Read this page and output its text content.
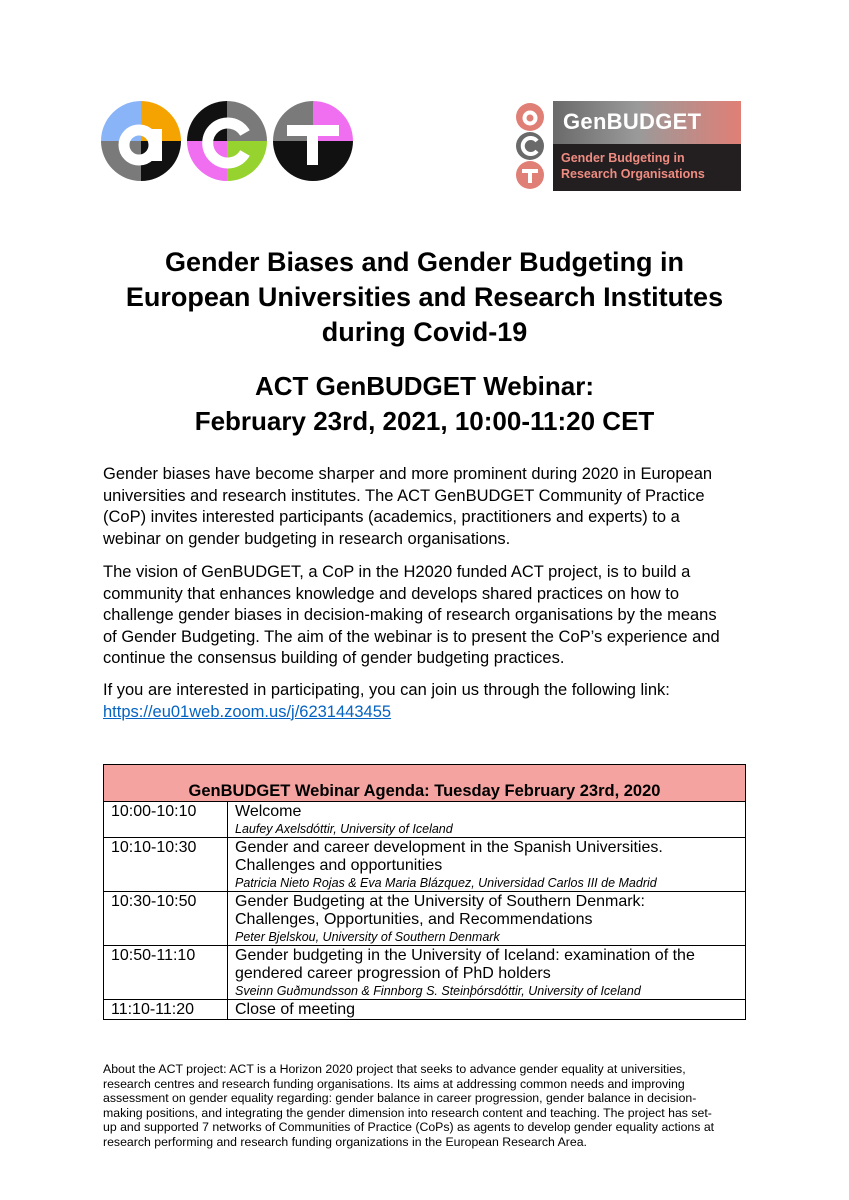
GenBUDGET
Gender Budgeting in
Research Organisations
Gender Biases and Gender Budgeting in
European Universities and Research Institutes
during Covid-19
ACT GenBUDGET Webinar:
February 23rd, 2021, 10:00-11:20 CET

Gender biases have become sharper and more prominent during 2020 in European
universities and research institutes. The ACT GenBUDGET Community of Practice
(CoP) invites interested participants (academics, practitioners and experts) to a
webinar on gender budgeting in research organisations.

The vision of GenBUDGET, a CoP in the H2020 funded ACT project, is to build a
community that enhances knowledge and develops shared practices on how to
challenge gender biases in decision-making of research organisations by the means
of Gender Budgeting. The aim of the webinar is to present the CoP’s experience and
continue the consensus building of gender budgeting practices.

If you are interested in participating, you can join us through the following link:
https://eu01web.zoom.us/j/6231443455

GenBUDGET Webinar Agenda: Tuesday February 23rd, 2020	
10:00-10:10	Welcome
Laufey Axelsdóttir, University of Iceland

10:10-10:30	Gender and career development in the Spanish Universities.
Challenges and opportunities
Patricia Nieto Rojas & Eva Maria Blázquez, Universidad Carlos III de Madrid

10:30-10:50	Gender Budgeting at the University of Southern Denmark:
Challenges, Opportunities, and Recommendations
Peter Bjelskou, University of Southern Denmark

10:50-11:10	Gender budgeting in the University of Iceland: examination of the
gendered career progression of PhD holders
Sveinn Guðmundsson & Finnborg S. Steinþórsdóttir, University of Iceland

11:10-11:20	Close of meeting

About the ACT project: ACT is a Horizon 2020 project that seeks to advance gender equality at universities,
research centres and research funding organisations. Its aims at addressing common needs and improving
assessment on gender equality regarding: gender balance in career progression, gender balance in decision-
making positions, and integrating the gender dimension into research content and teaching. The project has set-
up and supported 7 networks of Communities of Practice (CoPs) as agents to develop gender equality actions at
research performing and research funding organizations in the European Research Area.
